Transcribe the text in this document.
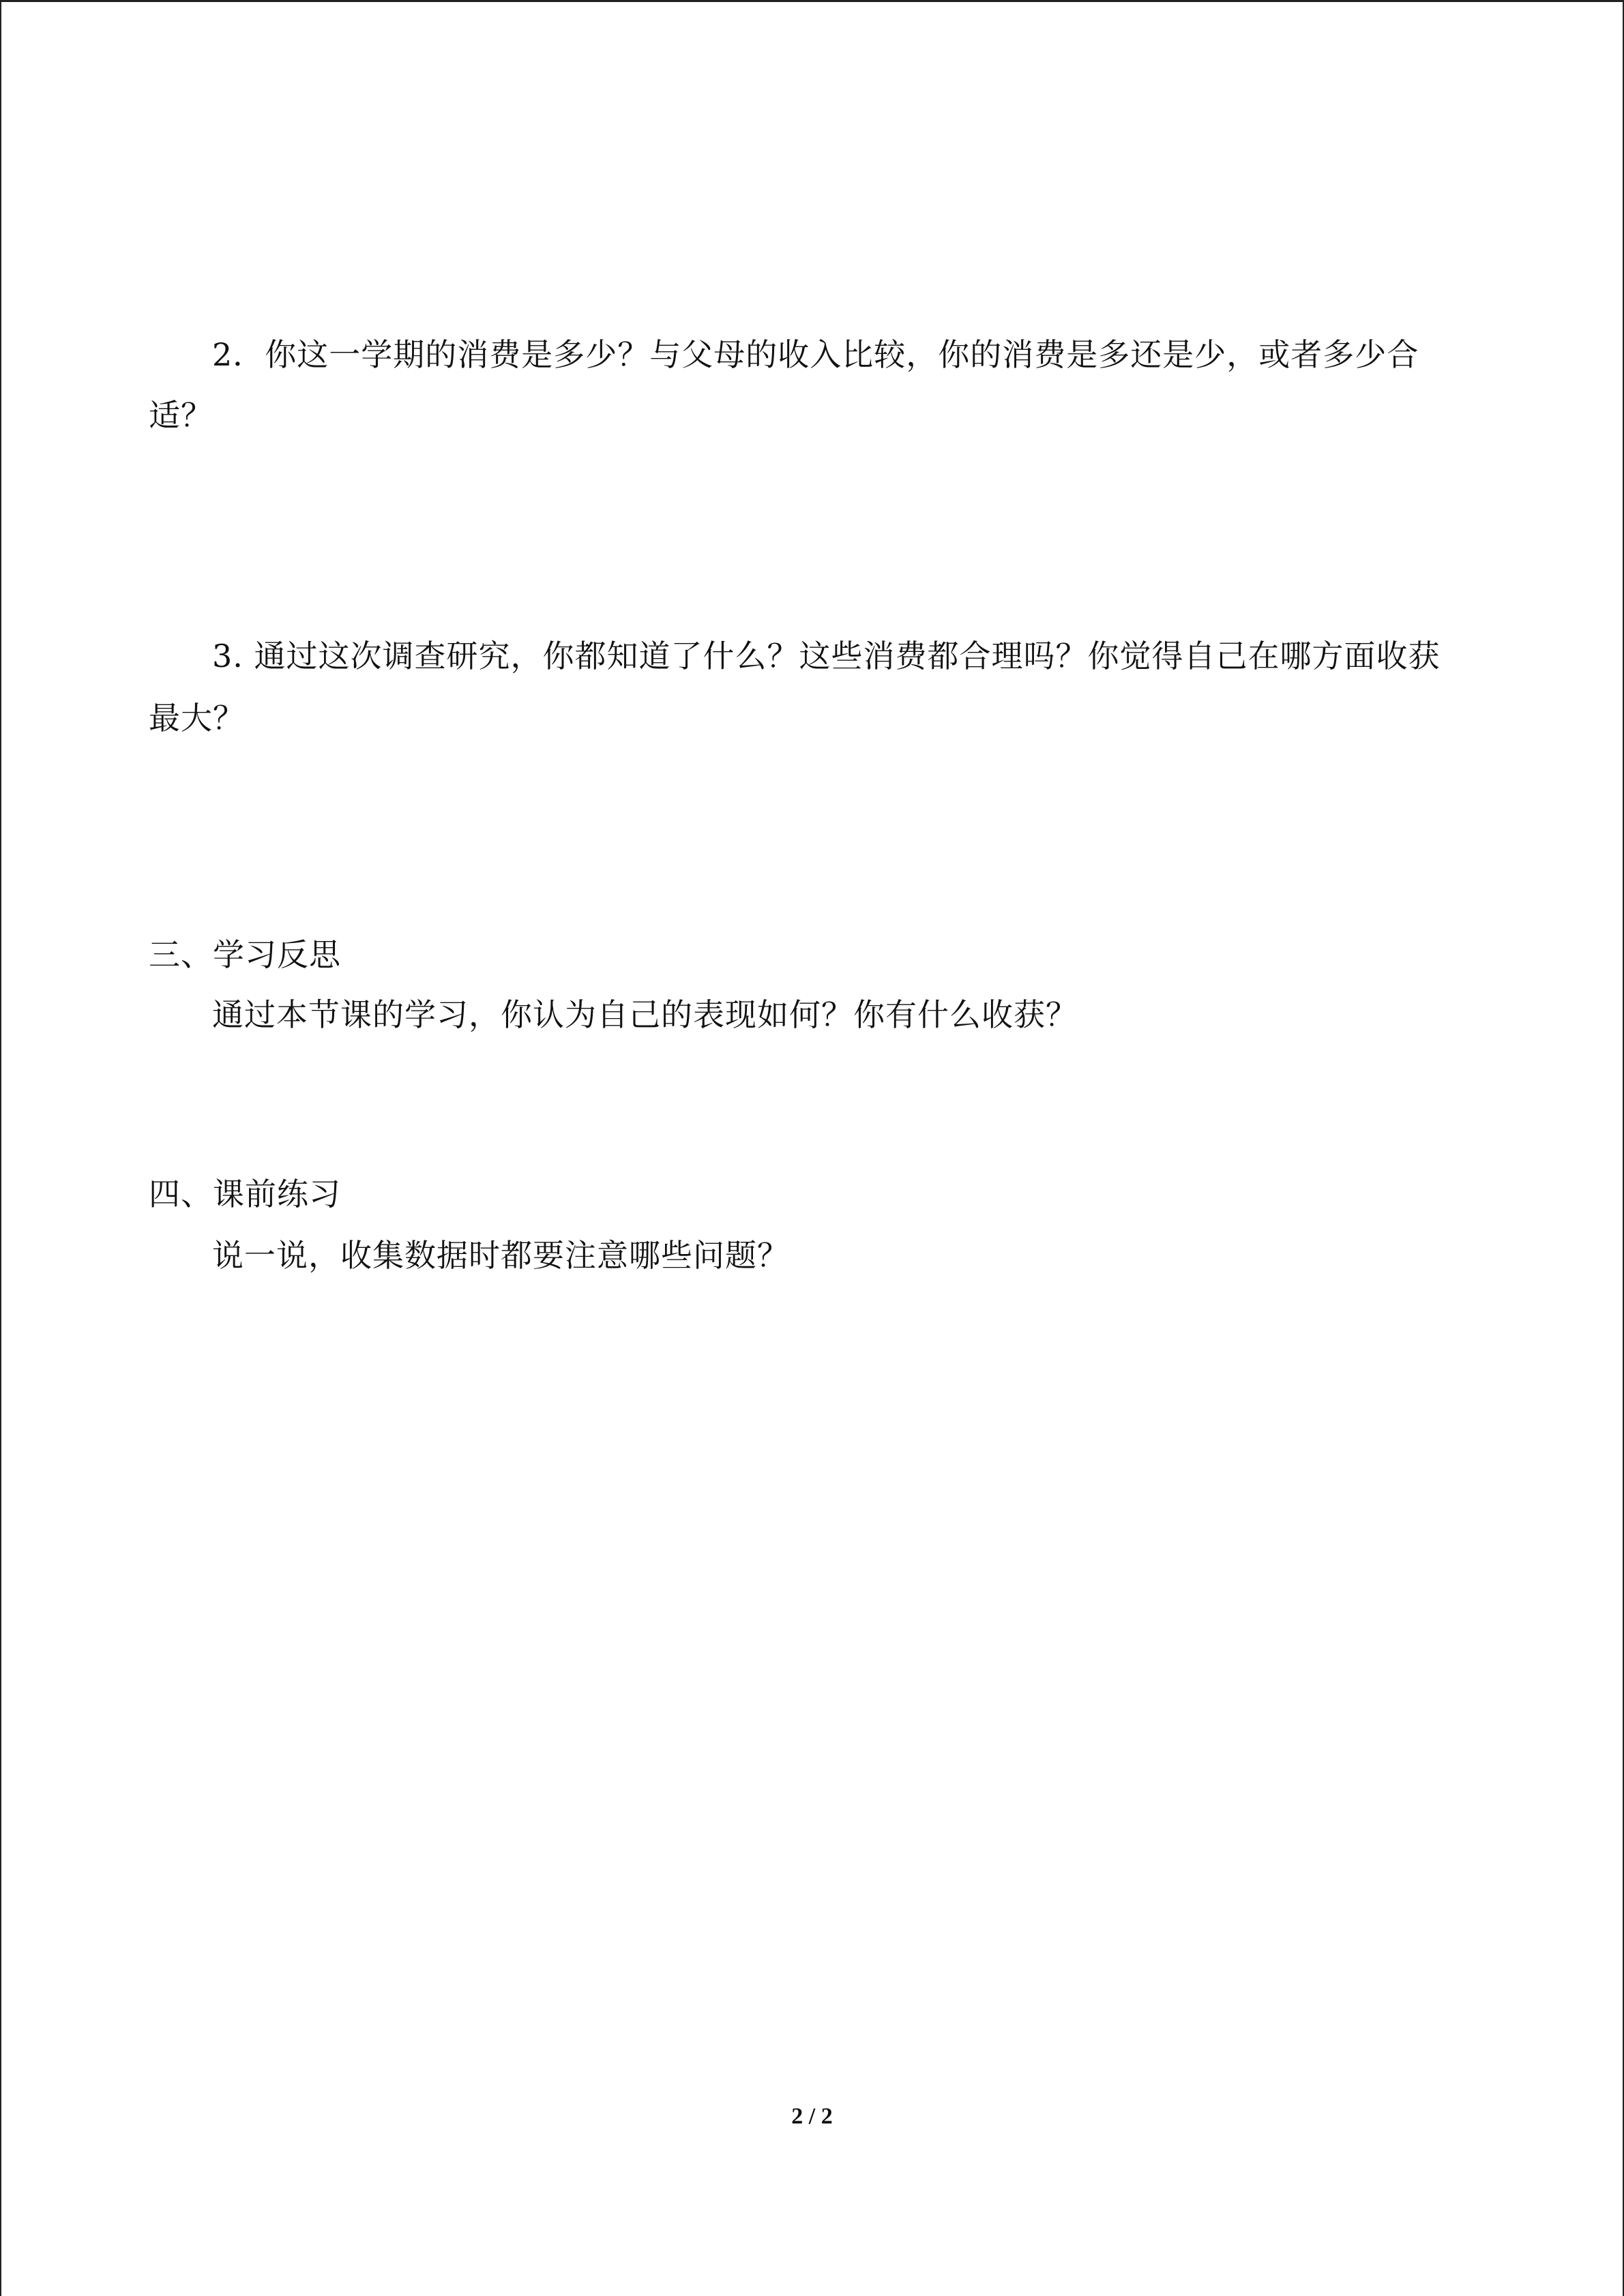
2．你这一学期的消费是多少？与父母的收入比较，你的消费是多还是少，或者多少合
适？
3. 通过这次调查研究，你都知道了什么？这些消费都合理吗？你觉得自己在哪方面收获
最大？
三、学习反思
通过本节课的学习，你认为自己的表现如何？你有什么收获？
四、课前练习
说一说，收集数据时都要注意哪些问题？
2 / 2
